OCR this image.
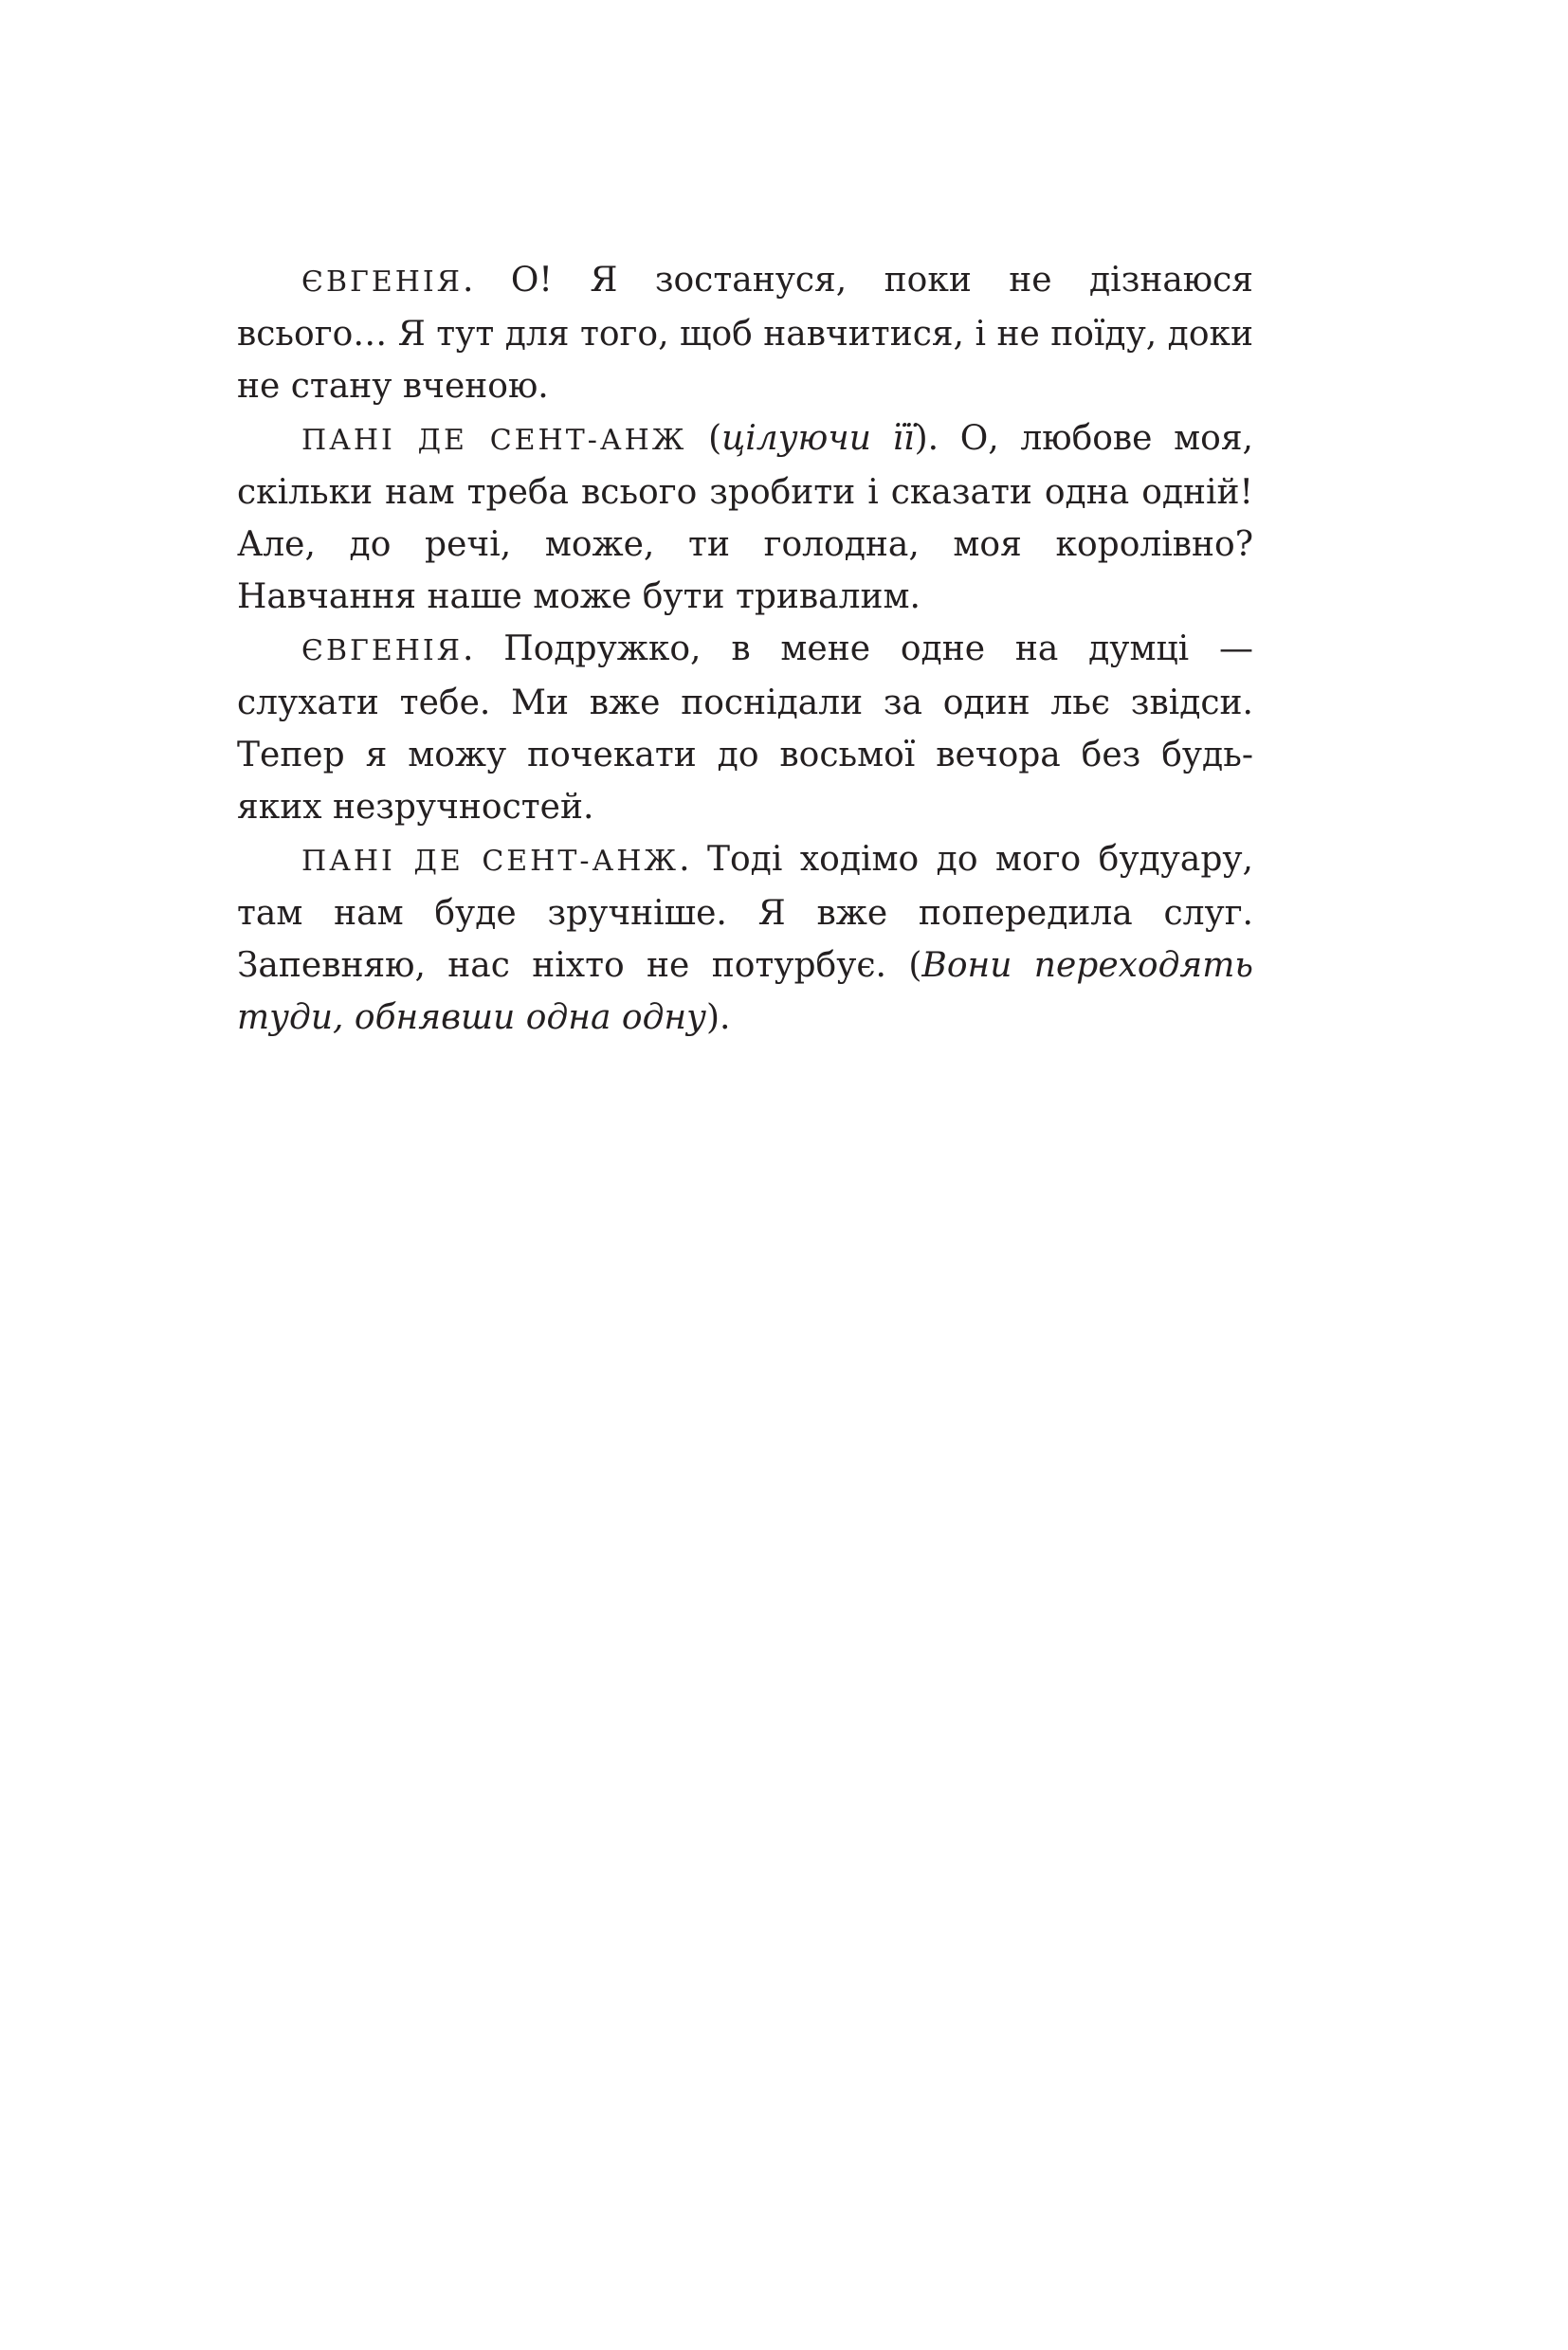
ЄВГЕНІЯ. О! Я зостануся, поки не дізнаюся всього… Я тут для того, щоб навчитися, і не поїду, доки не стану вченою.

ПАНІ ДЕ СЕНТ-АНЖ (цілуючи її). О, любове моя, скільки нам треба всього зробити і сказати одна одній! Але, до речі, може, ти голодна, моя королівно? Навчання наше може бути тривалим.

ЄВГЕНІЯ. Подружко, в мене одне на думці — слухати тебе. Ми вже поснідали за один льє звідси. Тепер я можу почекати до восьмої вечора без будь-яких незручностей.

ПАНІ ДЕ СЕНТ-АНЖ. Тоді ходімо до мого будуару, там нам буде зручніше. Я вже попередила слуг. Запевняю, нас ніхто не потурбує. (Вони переходять туди, обнявши одна одну).
